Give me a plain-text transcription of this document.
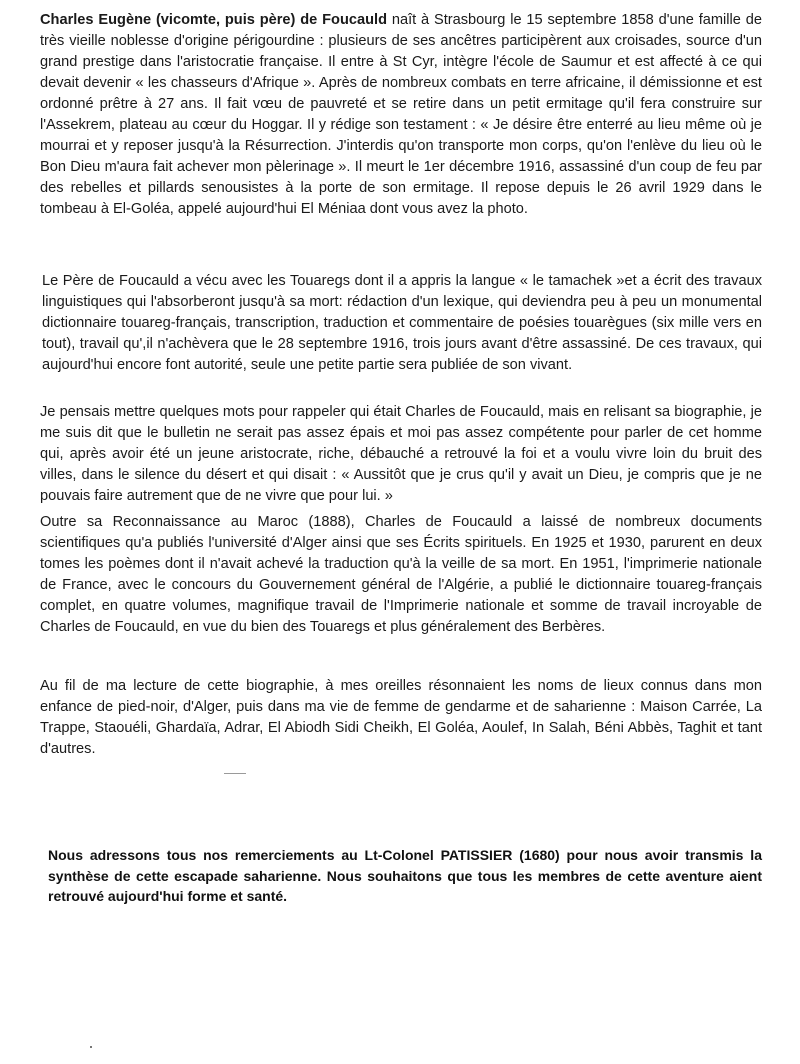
Charles Eugène (vicomte, puis père) de Foucauld naît à Strasbourg le 15 septembre 1858 d'une famille de très vieille noblesse d'origine périgourdine : plusieurs de ses ancêtres participèrent aux croisades, source d'un grand prestige dans l'aristocratie française. Il entre à St Cyr, intègre l'école de Saumur et est affecté à ce qui devait devenir « les chasseurs d'Afrique ». Après de nombreux combats en terre africaine, il démissionne et est ordonné prêtre à 27 ans. Il fait vœu de pauvreté et se retire dans un petit ermitage qu'il fera construire sur l'Assekrem, plateau au cœur du Hoggar. Il y rédige son testament : « Je désire être enterré au lieu même où je mourrai et y reposer jusqu'à la Résurrection. J'interdis qu'on transporte mon corps, qu'on l'enlève du lieu où le Bon Dieu m'aura fait achever mon pèlerinage ». Il meurt le 1er décembre 1916, assassiné d'un coup de feu par des rebelles et pillards senousistes à la porte de son ermitage. Il repose depuis le 26 avril 1929 dans le tombeau à El-Goléa, appelé aujourd'hui El Méniaa dont vous avez la photo.

Le Père de Foucauld a vécu avec les Touaregs dont il a appris la langue « le tamachek »et a écrit des travaux linguistiques qui l'absorberont jusqu'à sa mort: rédaction d'un lexique, qui deviendra peu à peu un monumental dictionnaire touareg-français, transcription, traduction et commentaire de poésies touarègues (six mille vers en tout), travail qu',il n'achèvera que le 28 septembre 1916, trois jours avant d'être assassiné. De ces travaux, qui aujourd'hui encore font autorité, seule une petite partie sera publiée de son vivant.

Je pensais mettre quelques mots pour rappeler qui était Charles de Foucauld, mais en relisant sa biographie, je me suis dit que le bulletin ne serait pas assez épais et moi pas assez compétente pour parler de cet homme qui, après avoir été un jeune aristocrate, riche, débauché a retrouvé la foi et a voulu vivre loin du bruit des villes, dans le silence du désert et qui disait : « Aussitôt que je crus qu'il y avait un Dieu, je compris que je ne pouvais faire autrement que de ne vivre que pour lui. »

Outre sa Reconnaissance au Maroc (1888), Charles de Foucauld a laissé de nombreux documents scientifiques qu'a publiés l'université d'Alger ainsi que ses Écrits spirituels. En 1925 et 1930, parurent en deux tomes les poèmes dont il n'avait achevé la traduction qu'à la veille de sa mort. En 1951, l'imprimerie nationale de France, avec le concours du Gouvernement général de l'Algérie, a publié le dictionnaire touareg-français complet, en quatre volumes, magnifique travail de l'Imprimerie nationale et somme de travail incroyable de Charles de Foucauld, en vue du bien des Touaregs et plus généralement des Berbères.

Au fil de ma lecture de cette biographie, à mes oreilles résonnaient les noms de lieux connus dans mon enfance de pied-noir, d'Alger, puis dans ma vie de femme de gendarme et de saharienne : Maison Carrée, La Trappe, Staouéli, Ghardaïa, Adrar, El Abiodh Sidi Cheikh, El Goléa, Aoulef, In Salah, Béni Abbès, Taghit et tant d'autres.

Nous adressons tous nos remerciements au Lt-Colonel PATISSIER (1680) pour nous avoir transmis la synthèse de cette escapade saharienne. Nous souhaitons que tous les membres de cette aventure aient retrouvé aujourd'hui forme et santé.
